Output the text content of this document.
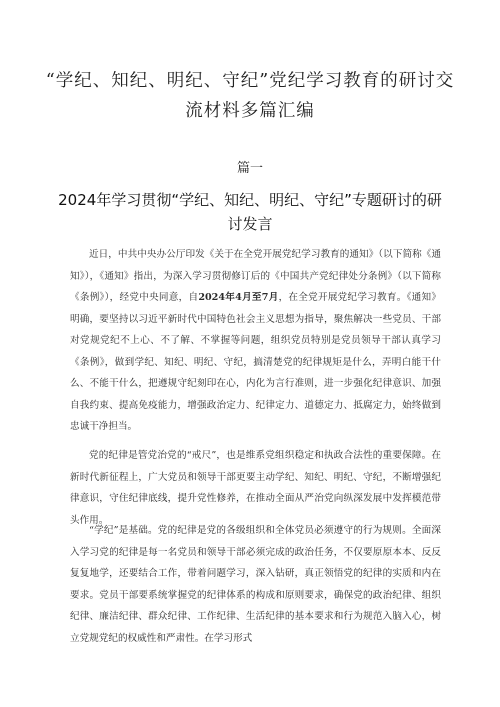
“学纪、知纪、明纪、守纪”党纪学习教育的研讨交流材料多篇汇编
篇一
2024年学习贯彻“学纪、知纪、明纪、守纪”专题研讨的研讨发言

近日，中共中央办公厅印发《关于在全党开展党纪学习教育的通知》（以下简称《通知》），《通知》指出，为深入学习贯彻修订后的《中国共产党纪律处分条例》（以下简称《条例》），经党中央同意，自2024年4月至7月，在全党开展党纪学习教育。《通知》明确，要坚持以习近平新时代中国特色社会主义思想为指导，聚焦解决一些党员、干部对党规党纪不上心、不了解、不掌握等问题，组织党员特别是党员领导干部认真学习《条例》，做到学纪、知纪、明纪、守纪，搞清楚党的纪律规矩是什么，弄明白能干什么、不能干什么，把遵规守纪刻印在心，内化为言行准则，进一步强化纪律意识、加强自我约束、提高免疫能力，增强政治定力、纪律定力、道德定力、抵腐定力，始终做到忠诚干净担当。

党的纪律是管党治党的“戒尺”，也是维系党组织稳定和执政合法性的重要保障。在新时代新征程上，广大党员和领导干部更要主动学纪、知纪、明纪、守纪，不断增强纪律意识，守住纪律底线，提升党性修养，在推动全面从严治党向纵深发展中发挥模范带头作用。

“学纪”是基础。党的纪律是党的各级组织和全体党员必须遵守的行为规则。全面深入学习党的纪律是每一名党员和领导干部必须完成的政治任务，不仅要原原本本、反反复复地学，还要结合工作，带着问题学习，深入钻研，真正领悟党的纪律的实质和内在要求。党员干部要系统掌握党的纪律体系的构成和原则要求，确保党的政治纪律、组织纪律、廉洁纪律、群众纪律、工作纪律、生活纪律的基本要求和行为规范入脑入心，树立党规党纪的权威性和严肃性。在学习形式
